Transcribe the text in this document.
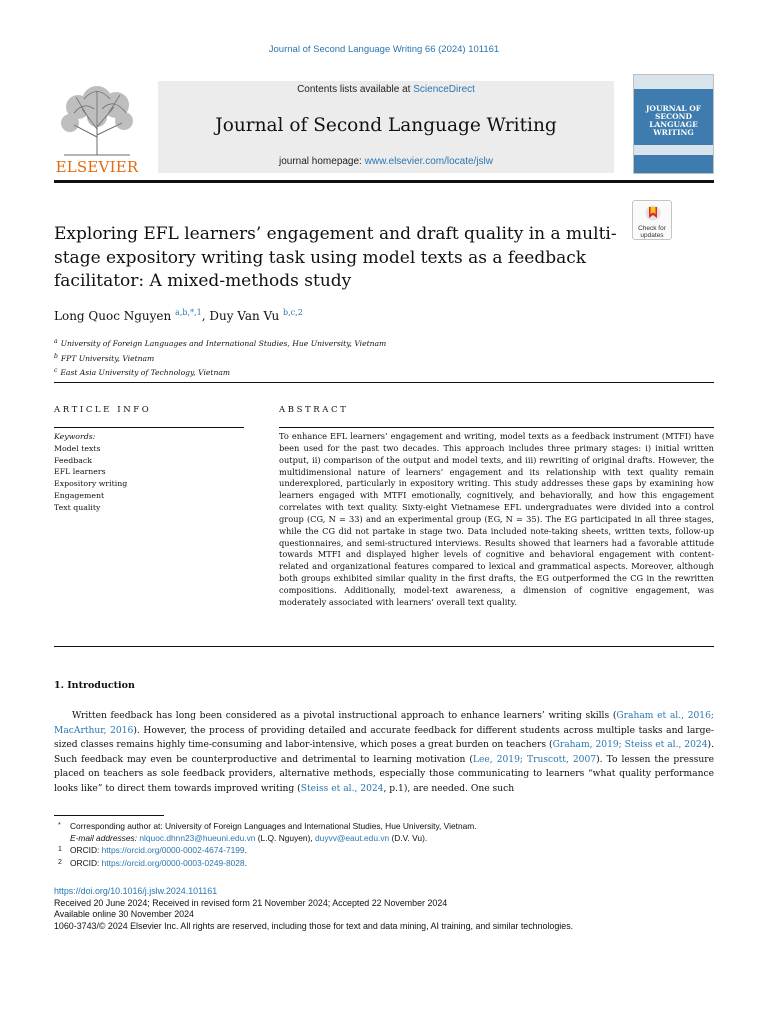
Journal of Second Language Writing 66 (2024) 101161
ELSEVIER
Contents lists available at ScienceDirect
Journal of Second Language Writing
journal homepage: www.elsevier.com/locate/jslw
JOURNAL OF SECOND LANGUAGE WRITING
Check for updates
Exploring EFL learners’ engagement and draft quality in a multi-stage expository writing task using model texts as a feedback facilitator: A mixed-methods study
Long Quoc Nguyen $^{a,b,*,1}$, Duy Van Vu $^{b,c,2}$
$^a$ University of Foreign Languages and International Studies, Hue University, Vietnam
$^b$ FPT University, Vietnam
$^c$ East Asia University of Technology, Vietnam
ARTICLE INFO	ABSTRACT
Keywords:
Model texts
Feedback
EFL learners
Expository writing
Engagement
Text quality

To enhance EFL learners’ engagement and writing, model texts as a feedback instrument (MTFI) have been used for the past two decades. This approach includes three primary stages: i) initial written output, ii) comparison of the output and model texts, and iii) rewriting of original drafts. However, the multidimensional nature of learners’ engagement and its relationship with text quality remain underexplored, particularly in expository writing. This study addresses these gaps by examining how learners engaged with MTFI emotionally, cognitively, and behaviorally, and how this engagement correlates with text quality. Sixty-eight Vietnamese EFL undergraduates were divided into a control group (CG, N = 33) and an experimental group (EG, N = 35). The EG participated in all three stages, while the CG did not partake in stage two. Data included note-taking sheets, written texts, follow-up questionnaires, and semi-structured interviews. Results showed that learners had a favorable attitude towards MTFI and displayed higher levels of cognitive and behavioral engagement with content-related and organizational features compared to lexical and grammatical aspects. Moreover, although both groups exhibited similar quality in the first drafts, the EG outperformed the CG in the rewritten compositions. Additionally, model-text awareness, a dimension of cognitive engagement, was moderately associated with learners’ overall text quality.

1. Introduction

Written feedback has long been considered as a pivotal instructional approach to enhance learners’ writing skills (Graham et al., 2016; MacArthur, 2016). However, the process of providing detailed and accurate feedback for different students across multiple tasks and large-sized classes remains highly time-consuming and labor-intensive, which poses a great burden on teachers (Graham, 2019; Steiss et al., 2024). Such feedback may even be counterproductive and detrimental to learning motivation (Lee, 2019; Truscott, 2007). To lessen the pressure placed on teachers as sole feedback providers, alternative methods, especially those communicating to learners “what quality performance looks like” to direct them towards improved writing (Steiss et al., 2024, p.1), are needed. One such

* Corresponding author at: University of Foreign Languages and International Studies, Hue University, Vietnam.
E-mail addresses: nlquoc.dhnn23@hueuni.edu.vn (L.Q. Nguyen), duyvv@eaut.edu.vn (D.V. Vu).
1 ORCID: https://orcid.org/0000-0002-4674-7199.
2 ORCID: https://orcid.org/0000-0003-0249-8028.
https://doi.org/10.1016/j.jslw.2024.101161
Received 20 June 2024; Received in revised form 21 November 2024; Accepted 22 November 2024
Available online 30 November 2024
1060-3743/© 2024 Elsevier Inc. All rights are reserved, including those for text and data mining, AI training, and similar technologies.
